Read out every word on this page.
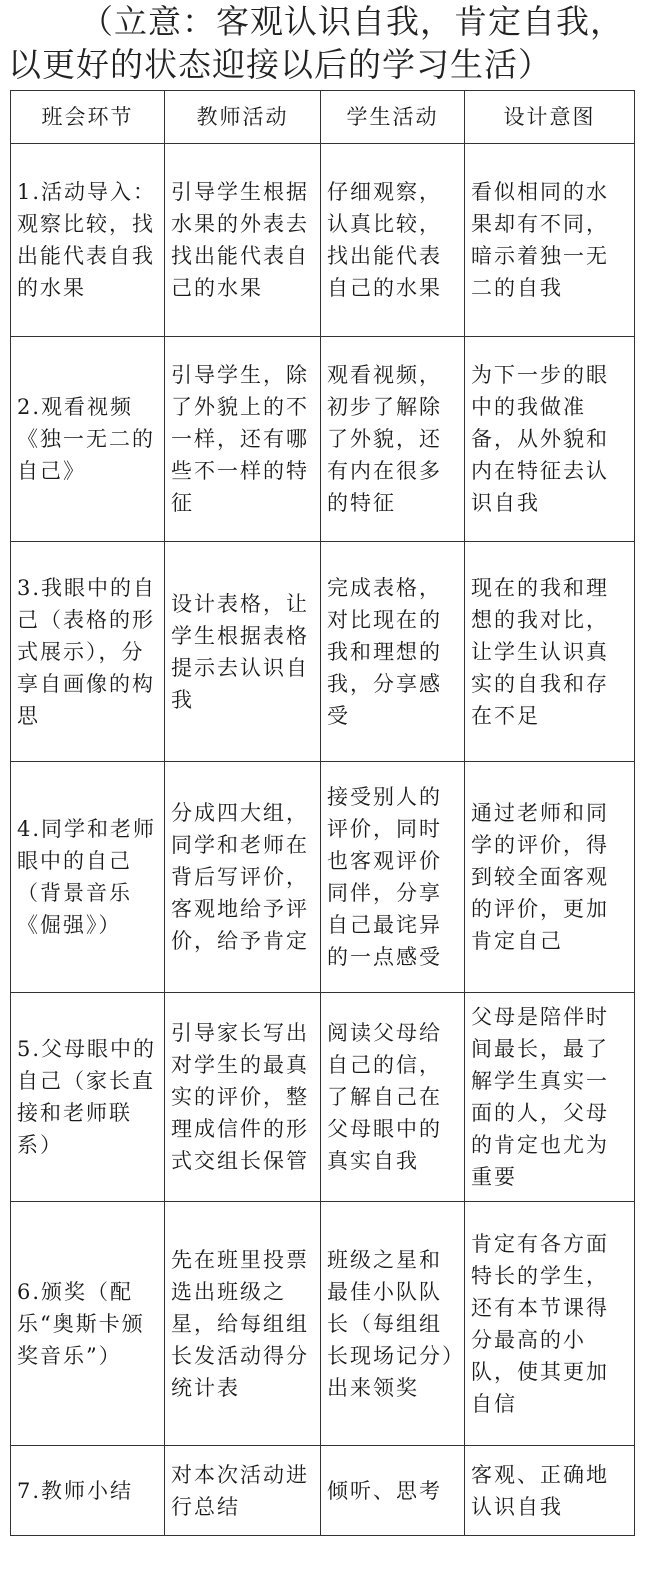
（立意：客观认识自我，肯定自我，
以更好的状态迎接以后的学习生活）
班会环节	教师活动	学生活动	设计意图

1.活动导入：观察比较，找出能代表自我的水果	引导学生根据水果的外表去找出能代表自己的水果	仔细观察，认真比较，找出能代表自己的水果	看似相同的水果却有不同，暗示着独一无二的自我

2.观看视频《独一无二的自己》	引导学生，除了外貌上的不一样，还有哪些不一样的特征	观看视频，初步了解除了外貌，还有内在很多的特征	为下一步的眼中的我做准备，从外貌和内在特征去认识自我

3.我眼中的自己（表格的形式展示），分享自画像的构思	设计表格，让学生根据表格提示去认识自我	完成表格，对比现在的我和理想的我，分享感受	现在的我和理想的我对比，让学生认识真实的自我和存在不足

4.同学和老师眼中的自己（背景音乐《倔强》）	分成四大组，同学和老师在背后写评价，客观地给予评价，给予肯定	接受别人的评价，同时也客观评价同伴，分享自己最诧异的一点感受	通过老师和同学的评价，得到较全面客观的评价，更加肯定自己

5.父母眼中的自己（家长直接和老师联系）	引导家长写出对学生的最真实的评价，整理成信件的形式交组长保管	阅读父母给自己的信，了解自己在父母眼中的真实自我	父母是陪伴时间最长，最了解学生真实一面的人，父母的肯定也尤为重要

6.颁奖（配乐“奥斯卡颁奖音乐”）	先在班里投票选出班级之星，给每组组长发活动得分统计表	班级之星和最佳小队队长（每组组长现场记分）出来领奖	肯定有各方面特长的学生，还有本节课得分最高的小队，使其更加自信

7.教师小结	对本次活动进行总结	倾听、思考	客观、正确地认识自我
